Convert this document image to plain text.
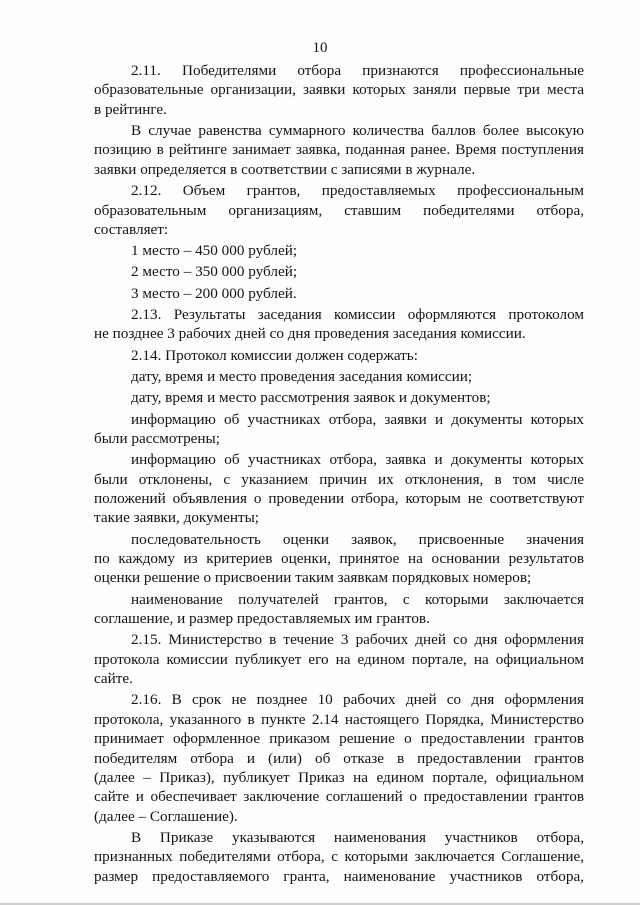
10
2.11. Победителями отбора признаются профессиональные
образовательные организации, заявки которых заняли первые три места
в рейтинге.
В случае равенства суммарного количества баллов более высокую
позицию в рейтинге занимает заявка, поданная ранее. Время поступления
заявки определяется в соответствии с записями в журнале.
2.12. Объем грантов, предоставляемых профессиональным
образовательным организациям, ставшим победителями отбора,
составляет:
1 место – 450 000 рублей;
2 место – 350 000 рублей;
3 место – 200 000 рублей.
2.13. Результаты заседания комиссии оформляются протоколом
не позднее 3 рабочих дней со дня проведения заседания комиссии.
2.14. Протокол комиссии должен содержать:
дату, время и место проведения заседания комиссии;
дату, время и место рассмотрения заявок и документов;
информацию об участниках отбора, заявки и документы которых
были рассмотрены;
информацию об участниках отбора, заявка и документы которых
были отклонены, с указанием причин их отклонения, в том числе
положений объявления о проведении отбора, которым не соответствуют
такие заявки, документы;
последовательность оценки заявок, присвоенные значения
по каждому из критериев оценки, принятое на основании результатов
оценки решение о присвоении таким заявкам порядковых номеров;
наименование получателей грантов, с которыми заключается
соглашение, и размер предоставляемых им грантов.
2.15. Министерство в течение 3 рабочих дней со дня оформления
протокола комиссии публикует его на едином портале, на официальном
сайте.
2.16. В срок не позднее 10 рабочих дней со дня оформления
протокола, указанного в пункте 2.14 настоящего Порядка, Министерство
принимает оформленное приказом решение о предоставлении грантов
победителям отбора и (или) об отказе в предоставлении грантов
(далее – Приказ), публикует Приказ на едином портале, официальном
сайте и обеспечивает заключение соглашений о предоставлении грантов
(далее – Соглашение).
В Приказе указываются наименования участников отбора,
признанных победителями отбора, с которыми заключается Соглашение,
размер предоставляемого гранта, наименование участников отбора,
